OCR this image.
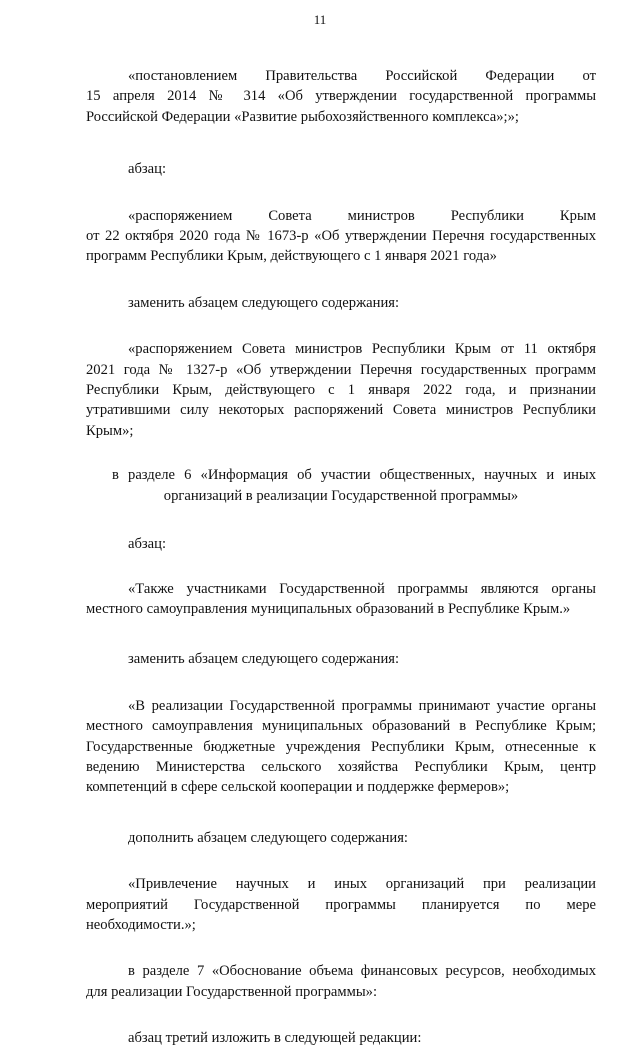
11
«постановлением Правительства Российской Федерации от
15 апреля 2014 № 314 «Об утверждении государственной программы
Российской Федерации «Развитие рыбохозяйственного комплекса»;»;
абзац:
«распоряжением Совета министров Республики Крым
от 22 октября 2020 года № 1673-р «Об утверждении Перечня государственных
программ Республики Крым, действующего с 1 января 2021 года»
заменить абзацем следующего содержания:
«распоряжением Совета министров Республики Крым от 11 октября
2021 года № 1327-р «Об утверждении Перечня государственных программ
Республики Крым, действующего с 1 января 2022 года, и признании
утратившими силу некоторых распоряжений Совета министров Республики
Крым»;
в разделе 6 «Информация об участии общественных, научных и иных
организаций в реализации Государственной программы»
абзац:
«Также участниками Государственной программы являются органы
местного самоуправления муниципальных образований в Республике Крым.»
заменить абзацем следующего содержания:
«В реализации Государственной программы принимают участие органы
местного самоуправления муниципальных образований в Республике Крым;
Государственные бюджетные учреждения Республики Крым, отнесенные к
ведению Министерства сельского хозяйства Республики Крым, центр
компетенций в сфере сельской кооперации и поддержке фермеров»;
дополнить абзацем следующего содержания:
«Привлечение научных и иных организаций при реализации
мероприятий Государственной программы планируется по мере
необходимости.»;
в разделе 7 «Обоснование объема финансовых ресурсов, необходимых
для реализации Государственной программы»:
абзац третий изложить в следующей редакции:
